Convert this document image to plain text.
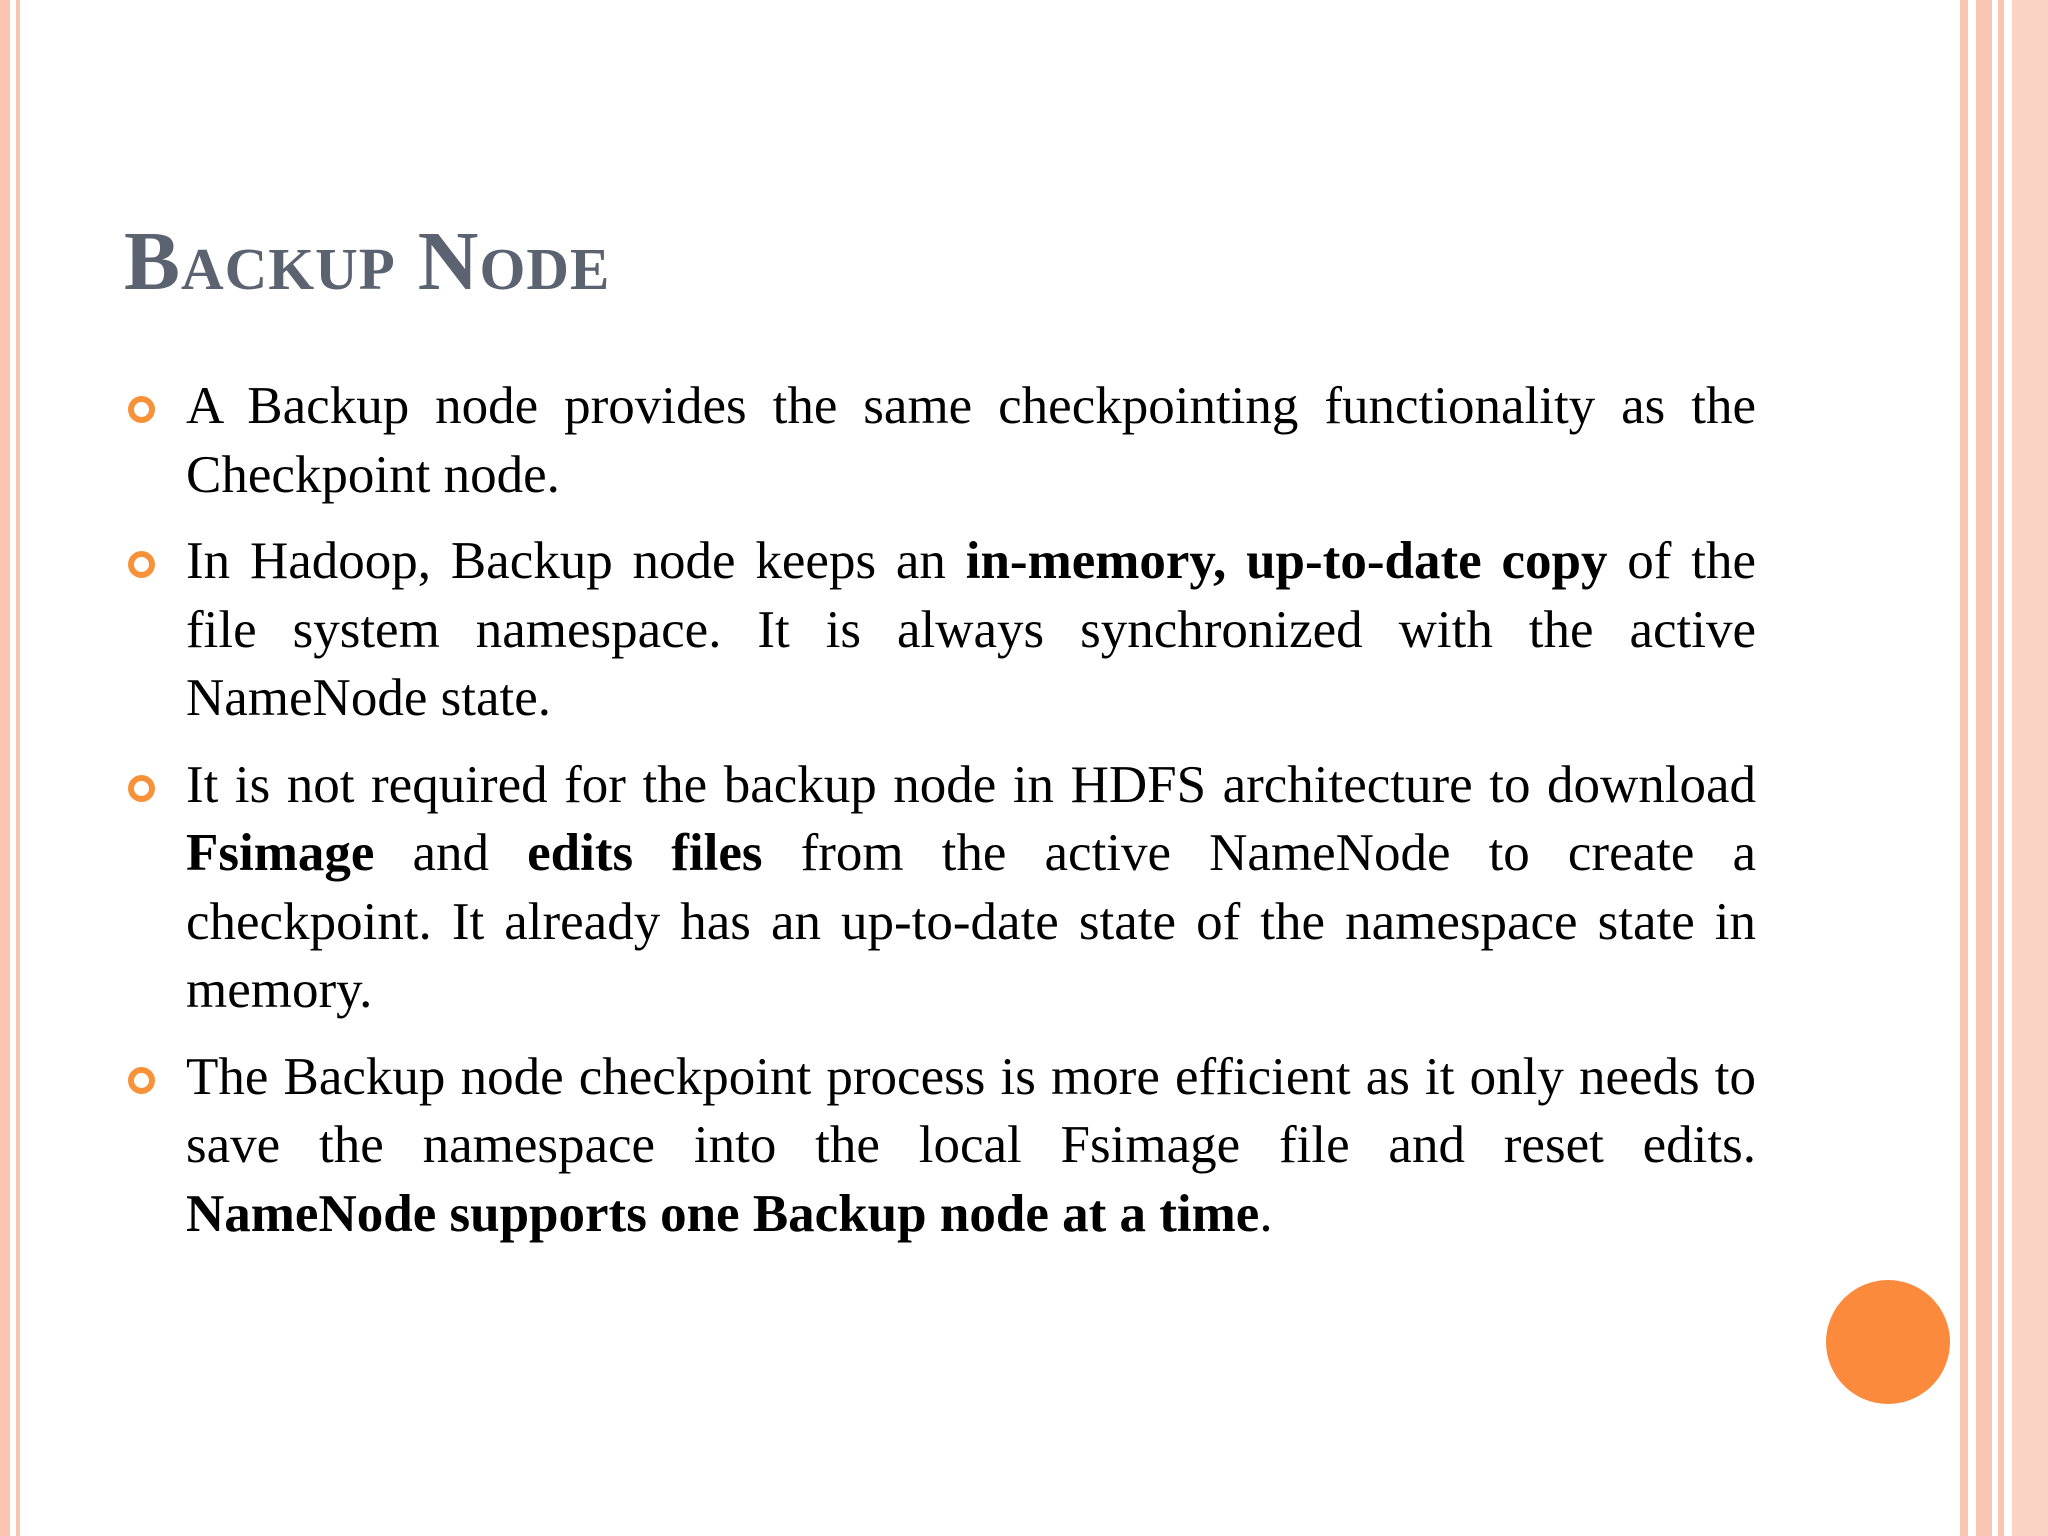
Backup Node
A Backup node provides the same checkpointing functionality as the Checkpoint node.
In Hadoop, Backup node keeps an in-memory, up-to-date copy of the file system namespace. It is always synchronized with the active NameNode state.
It is not required for the backup node in HDFS architecture to download Fsimage and edits files from the active NameNode to create a checkpoint. It already has an up-to-date state of the namespace state in memory.
The Backup node checkpoint process is more efficient as it only needs to save the namespace into the local Fsimage file and reset edits. NameNode supports one Backup node at a time.
